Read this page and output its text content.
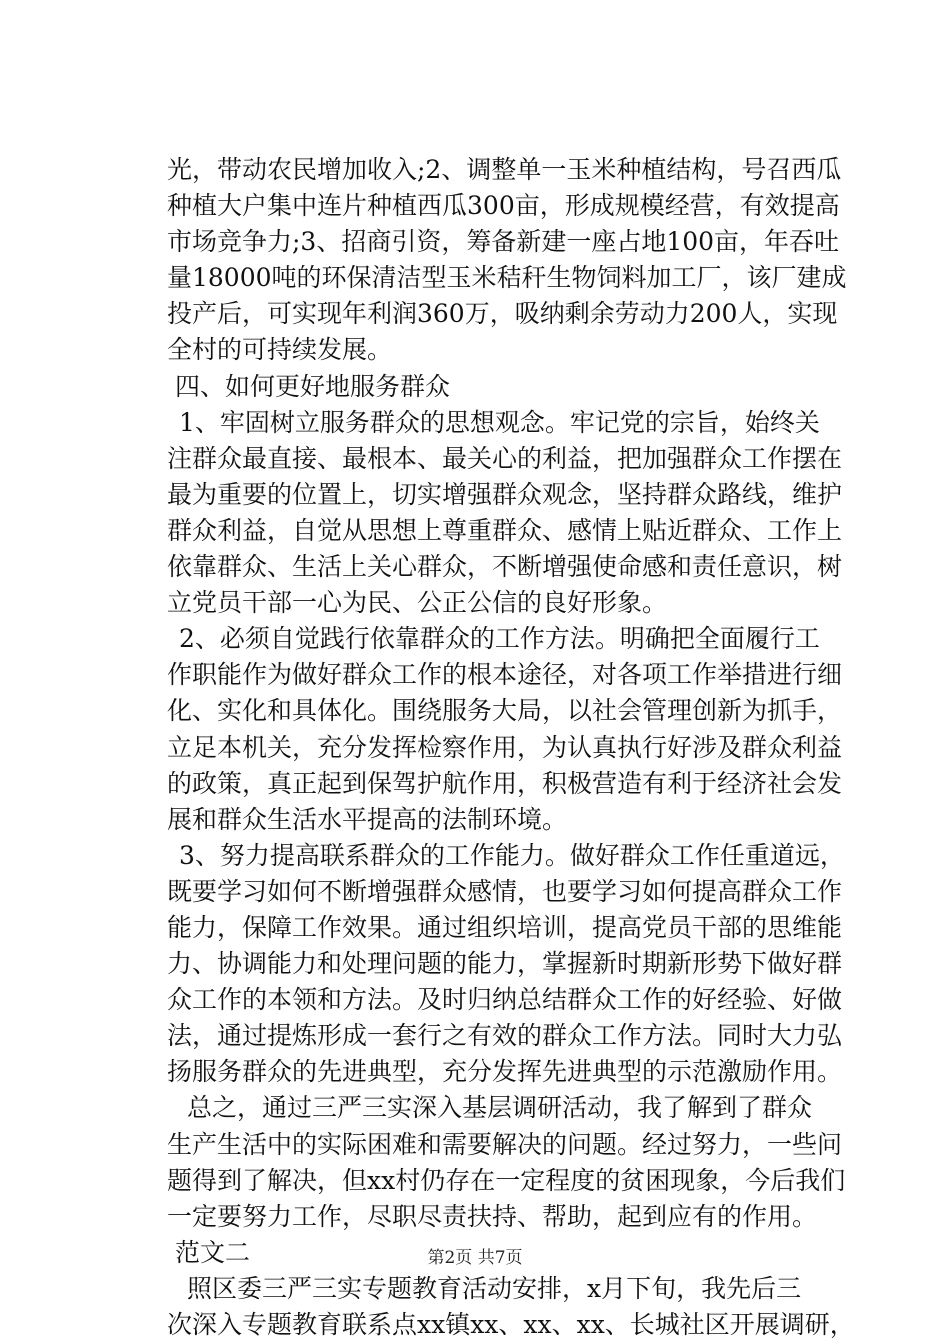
光，带动农民增加收入;2、调整单一玉米种植结构，号召西瓜
种植大户集中连片种植西瓜300亩，形成规模经营，有效提高
市场竞争力;3、招商引资，筹备新建一座占地100亩，年吞吐
量18000吨的环保清洁型玉米秸秆生物饲料加工厂，该厂建成
投产后，可实现年利润360万，吸纳剩余劳动力200人，实现
全村的可持续发展。
四、如何更好地服务群众
1、牢固树立服务群众的思想观念。牢记党的宗旨，始终关
注群众最直接、最根本、最关心的利益，把加强群众工作摆在
最为重要的位置上，切实增强群众观念，坚持群众路线，维护
群众利益，自觉从思想上尊重群众、感情上贴近群众、工作上
依靠群众、生活上关心群众，不断增强使命感和责任意识，树
立党员干部一心为民、公正公信的良好形象。
2、必须自觉践行依靠群众的工作方法。明确把全面履行工
作职能作为做好群众工作的根本途径，对各项工作举措进行细
化、实化和具体化。围绕服务大局，以社会管理创新为抓手，
立足本机关，充分发挥检察作用，为认真执行好涉及群众利益
的政策，真正起到保驾护航作用，积极营造有利于经济社会发
展和群众生活水平提高的法制环境。
3、努力提高联系群众的工作能力。做好群众工作任重道远，
既要学习如何不断增强群众感情，也要学习如何提高群众工作
能力，保障工作效果。通过组织培训，提高党员干部的思维能
力、协调能力和处理问题的能力，掌握新时期新形势下做好群
众工作的本领和方法。及时归纳总结群众工作的好经验、好做
法，通过提炼形成一套行之有效的群众工作方法。同时大力弘
扬服务群众的先进典型，充分发挥先进典型的示范激励作用。
总之，通过三严三实深入基层调研活动，我了解到了群众
生产生活中的实际困难和需要解决的问题。经过努力，一些问
题得到了解决，但xx村仍存在一定程度的贫困现象，今后我们
一定要努力工作，尽职尽责扶持、帮助，起到应有的作用。
范文二
照区委三严三实专题教育活动安排，x月下旬，我先后三
次深入专题教育联系点xx镇xx、xx、xx、长城社区开展调研，
第2页 共7页
